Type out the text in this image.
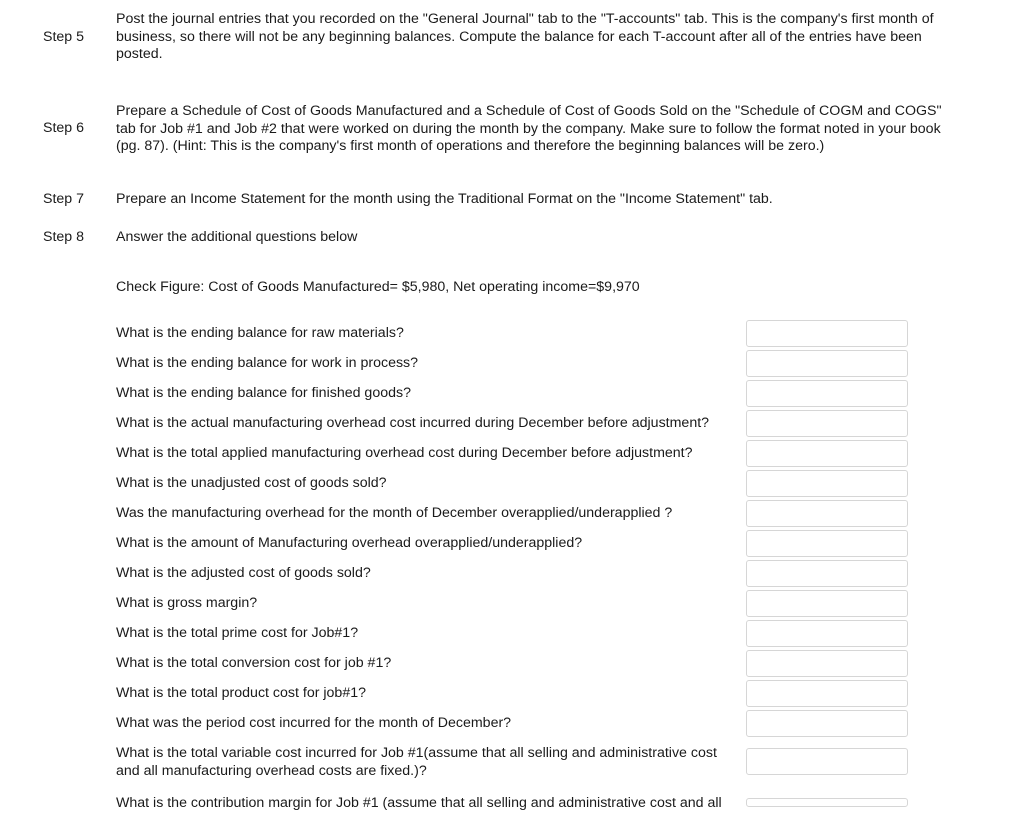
Step 5
Post the journal entries that you recorded on the "General Journal" tab to the "T-accounts" tab. This is the company's first month of business, so there will not be any beginning balances. Compute the balance for each T-account after all of the entries have been posted.
Step 6
Prepare a Schedule of Cost of Goods Manufactured and a Schedule of Cost of Goods Sold on the "Schedule of COGM and COGS" tab for Job #1 and Job #2 that were worked on during the month by the company. Make sure to follow the format noted in your book (pg. 87). (Hint: This is the company's first month of operations and therefore the beginning balances will be zero.)
Step 7 Prepare an Income Statement for the month using the Traditional Format on the "Income Statement" tab.
Step 8 Answer the additional questions below
Check Figure: Cost of Goods Manufactured= $5,980, Net operating income=$9,970
What is the ending balance for raw materials?
What is the ending balance for work in process?
What is the ending balance for finished goods?
What is the actual manufacturing overhead cost incurred during December before adjustment?
What is the total applied manufacturing overhead cost during December before adjustment?
What is the unadjusted cost of goods sold?
Was the manufacturing overhead for the month of December overapplied/underapplied ?
What is the amount of Manufacturing overhead overapplied/underapplied?
What is the adjusted cost of goods sold?
What is gross margin?
What is the total prime cost for Job#1?
What is the total conversion cost for job #1?
What is the total product cost for job#1?
What was the period cost incurred for the month of December?
What is the total variable cost incurred for Job #1(assume that all selling and administrative cost and all manufacturing overhead costs are fixed.)?
What is the contribution margin for Job #1 (assume that all selling and administrative cost and all
